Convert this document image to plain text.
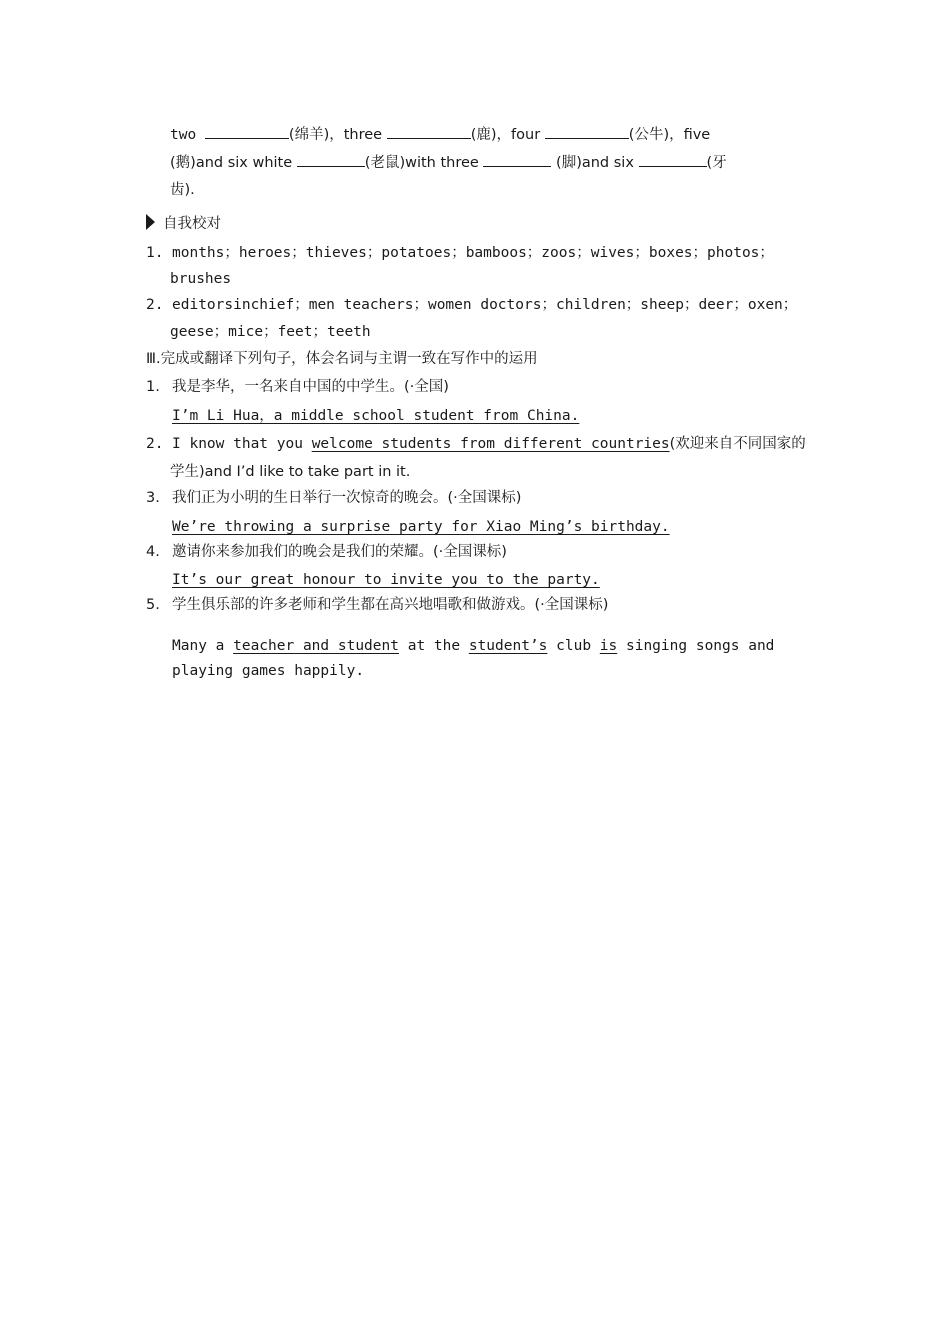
two	(绵羊)，three	(鹿)，four	(公牛)，five
(鹅)and six white	(老鼠)with three	(脚)and six	(牙
齿).
自我校对
1. months；heroes；thieves；potatoes；bamboos；zoos；wives；boxes；photos；
brushes
2. editorsinchief；men teachers；women doctors；children；sheep；deer；oxen；
geese；mice；feet；teeth
Ⅲ.完成或翻译下列句子，体会名词与主谓一致在写作中的运用
1. 我是李华，一名来自中国的中学生。(·全国)
I’m Li Hua，a middle school student from China.
2. I know that you welcome students from different countries(欢迎来自不同国家的
学生)and I’d like to take part in it.
3. 我们正为小明的生日举行一次惊奇的晚会。(·全国课标)
We’re throwing a surprise party for Xiao Ming’s birthday.
4. 邀请你来参加我们的晚会是我们的荣耀。(·全国课标)
It’s our great honour to invite you to the party.
5. 学生俱乐部的许多老师和学生都在高兴地唱歌和做游戏。(·全国课标)
Many a teacher and student at the student’s club is singing songs and
playing games happily.
